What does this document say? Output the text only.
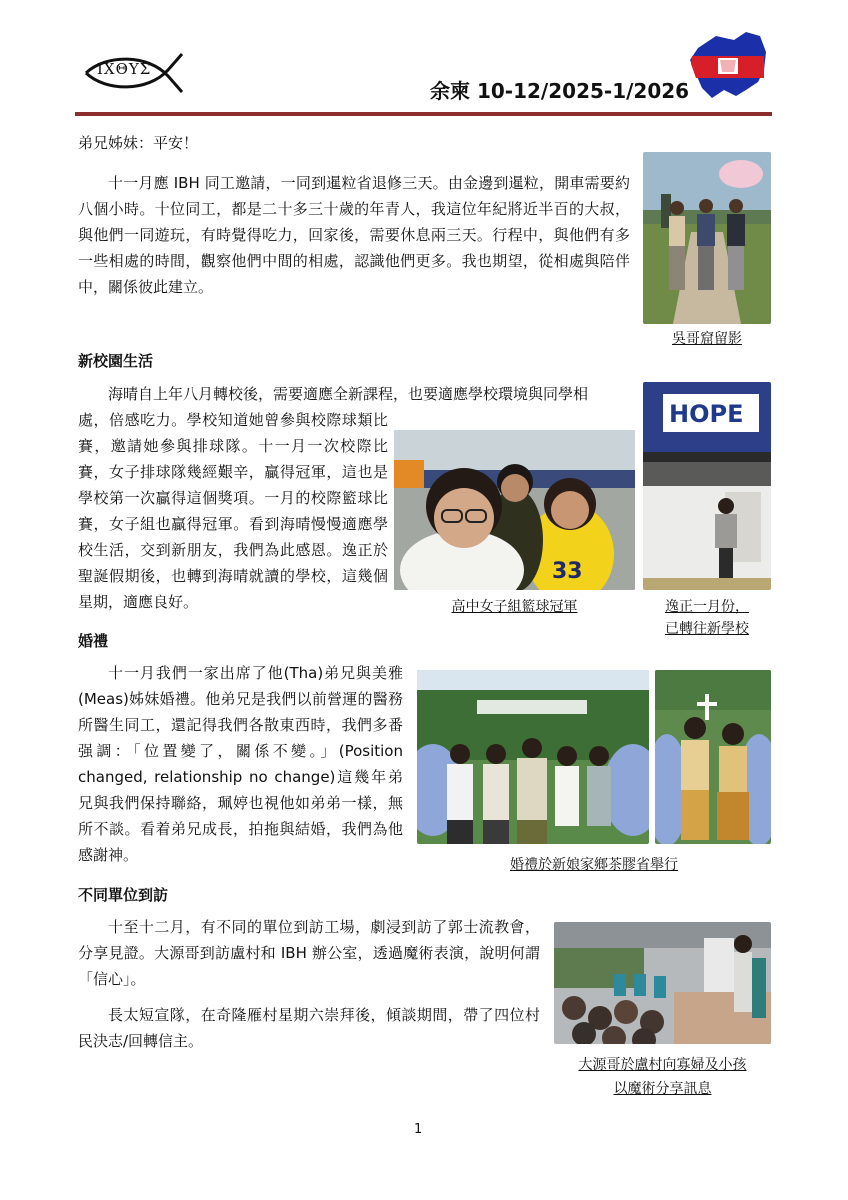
IXΘYΣ
余柬 10-12/2025-1/2026
弟兄姊妹：平安！
十一月應 IBH 同工邀請，一同到暹粒省退修三天。由金邊到暹粒，開車需要約八個小時。十位同工，都是二十多三十歲的年青人，我這位年紀將近半百的大叔，與他們一同遊玩，有時覺得吃力，回家後，需要休息兩三天。行程中，與他們有多一些相處的時間，觀察他們中間的相處，認識他們更多。我也期望，從相處與陪伴中，關係彼此建立。
吳哥窟留影
新校園生活
海晴自上年八月轉校後，需要適應全新課程，也要適應學校環境與同學相
處，倍感吃力。學校知道她曾參與校際球類比賽，邀請她參與排球隊。十一月一次校際比賽，女子排球隊幾經艱辛，贏得冠軍，這也是學校第一次贏得這個獎項。一月的校際籃球比賽，女子組也贏得冠軍。看到海晴慢慢適應學校生活，交到新朋友，我們為此感恩。逸正於聖誕假期後，也轉到海晴就讀的學校，這幾個星期，適應良好。
33
高中女子組籃球冠軍
HOPE
逸正一月份，
已轉往新學校
婚禮
十一月我們一家出席了他(Tha)弟兄與美雅(Meas)姊妹婚禮。他弟兄是我們以前營運的醫務所醫生同工，還記得我們各散東西時，我們多番强調：「位置變了，關係不變。」(Position changed, relationship no change)這幾年弟兄與我們保持聯絡，珮婷也視他如弟弟一樣，無所不談。看着弟兄成長，拍拖與結婚，我們為他感謝神。
婚禮於新娘家鄉茶膠省舉行
不同單位到訪
十至十二月，有不同的單位到訪工場，劇浸到訪了郭士流教會，分享見證。大源哥到訪盧村和 IBH 辦公室，透過魔術表演，說明何謂「信心」。
長太短宣隊，在奇隆雁村星期六崇拜後，傾談期間，帶了四位村民決志/回轉信主。
大源哥於盧村向寡婦及小孩
以魔術分享訊息
1
